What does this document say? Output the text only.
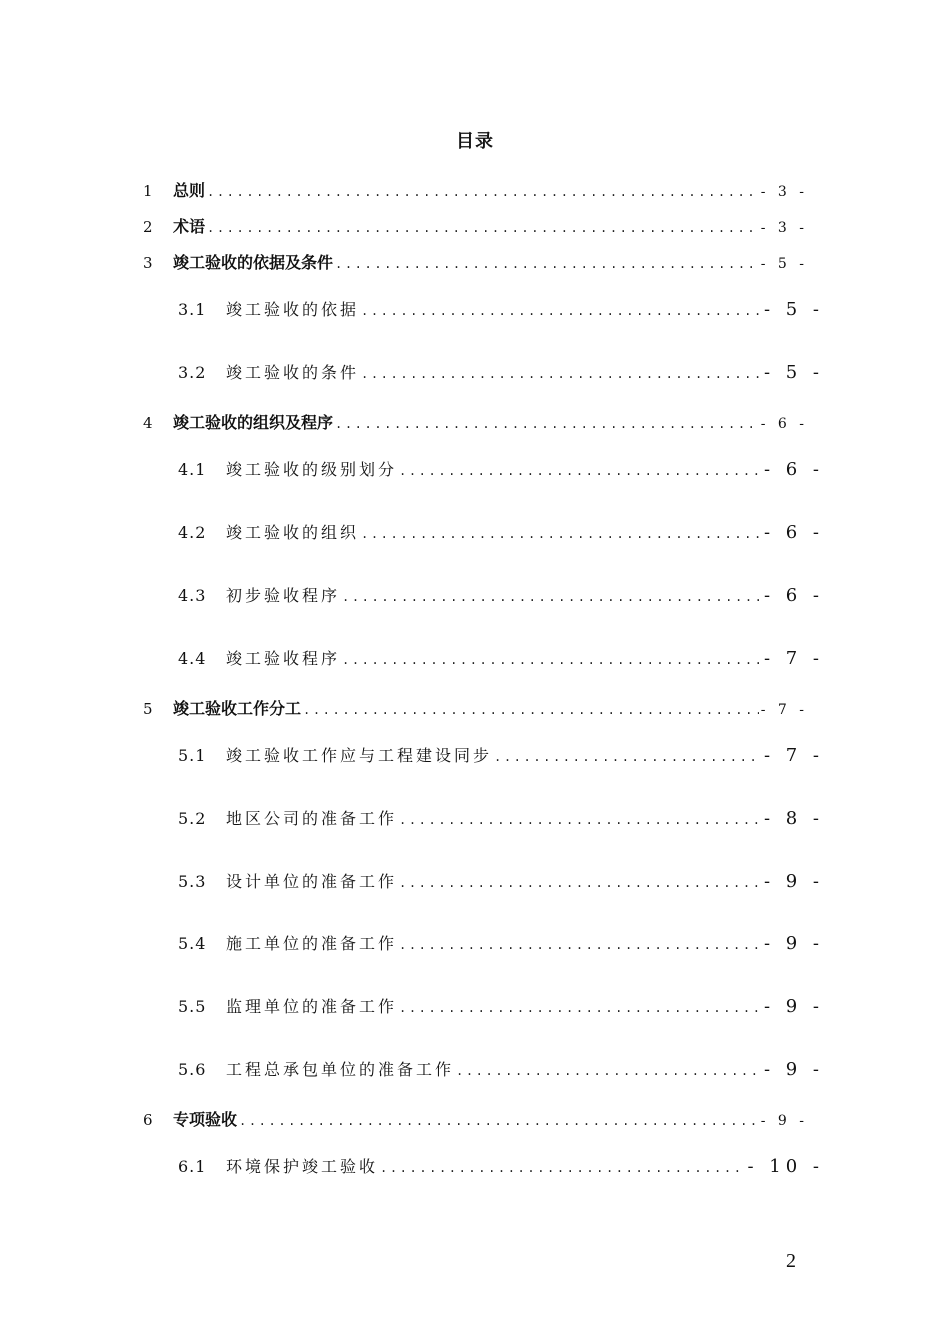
目录
1	总则 .....	- 3 -
2	术语 .....	- 3 -
3	竣工验收的依据及条件 .....	- 5 -
3.1	竣工验收的依据 .....	- 5 -
3.2	竣工验收的条件 .....	- 5 -
4	竣工验收的组织及程序 .....	- 6 -
4.1	竣工验收的级别划分 .....	- 6 -
4.2	竣工验收的组织 .....	- 6 -
4.3	初步验收程序 .....	- 6 -
4.4	竣工验收程序 .....	- 7 -
5	竣工验收工作分工 .....	- 7 -
5.1	竣工验收工作应与工程建设同步 .....	- 7 -
5.2	地区公司的准备工作 .....	- 8 -
5.3	设计单位的准备工作 .....	- 9 -
5.4	施工单位的准备工作 .....	- 9 -
5.5	监理单位的准备工作 .....	- 9 -
5.6	工程总承包单位的准备工作 .....	- 9 -
6	专项验收 .....	- 9 -
6.1	环境保护竣工验收 .....	- 10 -
2
